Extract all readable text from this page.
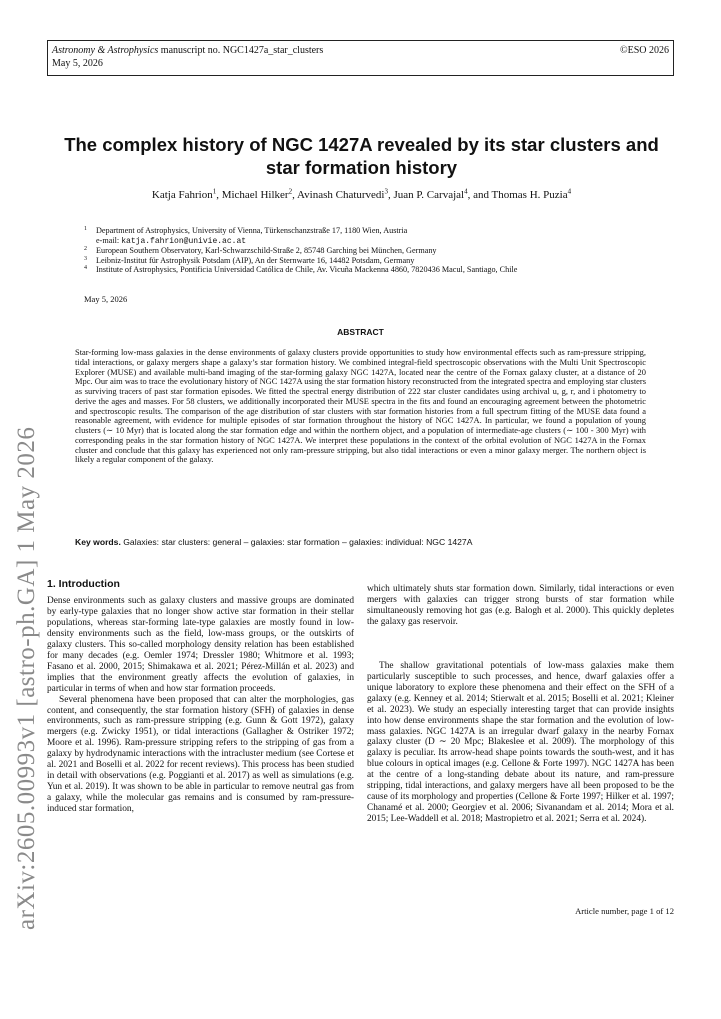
Astronomy & Astrophysics manuscript no. NGC1427a_star_clusters
May 5, 2026
©ESO 2026
arXiv:2605.00993v1 [astro-ph.GA] 1 May 2026
The complex history of NGC 1427A revealed by its star clusters and star formation history
Katja Fahrion$^1$, Michael Hilker$^2$, Avinash Chaturvedi$^3$, Juan P. Carvajal$^4$, and Thomas H. Puzia$^4$
1 Department of Astrophysics, University of Vienna, Türkenschanzstraße 17, 1180 Wien, Austria
e-mail: katja.fahrion@univie.ac.at
2 European Southern Observatory, Karl-Schwarzschild-Straße 2, 85748 Garching bei München, Germany
3 Leibniz-Institut für Astrophysik Potsdam (AIP), An der Sternwarte 16, 14482 Potsdam, Germany
4 Institute of Astrophysics, Pontificia Universidad Católica de Chile, Av. Vicuña Mackenna 4860, 7820436 Macul, Santiago, Chile
May 5, 2026
ABSTRACT
Star-forming low-mass galaxies in the dense environments of galaxy clusters provide opportunities to study how environmental effects such as ram-pressure stripping, tidal interactions, or galaxy mergers shape a galaxy’s star formation history. We combined integral-field spectroscopic observations with the Multi Unit Spectroscopic Explorer (MUSE) and available multi-band imaging of the star-forming galaxy NGC 1427A, located near the centre of the Fornax galaxy cluster, at a distance of 20 Mpc. Our aim was to trace the evolutionary history of NGC 1427A using the star formation history reconstructed from the integrated spectra and employing star clusters as surviving tracers of past star formation episodes. We fitted the spectral energy distribution of 222 star cluster candidates using archival u, g, r, and i photometry to derive the ages and masses. For 58 clusters, we additionally incorporated their MUSE spectra in the fits and found an encouraging agreement between the photometric and spectroscopic results. The comparison of the age distribution of star clusters with star formation histories from a full spectrum fitting of the MUSE data found a reasonable agreement, with evidence for multiple episodes of star formation throughout the history of NGC 1427A. In particular, we found a population of young clusters (∼ 10 Myr) that is located along the star formation edge and within the northern object, and a population of intermediate-age clusters (∼ 100 - 300 Myr) with corresponding peaks in the star formation history of NGC 1427A. We interpret these populations in the context of the orbital evolution of NGC 1427A in the Fornax cluster and conclude that this galaxy has experienced not only ram-pressure stripping, but also tidal interactions or even a minor galaxy merger. The northern object is likely a regular component of the galaxy.
Key words. Galaxies: star clusters: general – galaxies: star formation – galaxies: individual: NGC 1427A
1. Introduction

Dense environments such as galaxy clusters and massive groups are dominated by early-type galaxies that no longer show active star formation in their stellar populations, whereas star-forming late-type galaxies are mostly found in low-density environments such as the field, low-mass groups, or the outskirts of galaxy clusters. This so-called morphology density relation has been established for many decades (e.g. Oemler 1974; Dressler 1980; Whitmore et al. 1993; Fasano et al. 2000, 2015; Shimakawa et al. 2021; Pérez-Millán et al. 2023) and implies that the environment greatly affects the evolution of galaxies, in particular in terms of when and how star formation proceeds.

Several phenomena have been proposed that can alter the morphologies, gas content, and consequently, the star formation history (SFH) of galaxies in dense environments, such as ram-pressure stripping (e.g. Gunn & Gott 1972), galaxy mergers (e.g. Zwicky 1951), or tidal interactions (Gallagher & Ostriker 1972; Moore et al. 1996). Ram-pressure stripping refers to the stripping of gas from a galaxy by hydrodynamic interactions with the intracluster medium (see Cortese et al. 2021 and Boselli et al. 2022 for recent reviews). This process has been studied in detail with observations (e.g. Poggianti et al. 2017) as well as simulations (e.g. Yun et al. 2019). It was shown to be able in particular to remove neutral gas from a galaxy, while the molecular gas remains and is consumed by ram-pressure-induced star formation,

which ultimately shuts star formation down. Similarly, tidal interactions or even mergers with galaxies can trigger strong bursts of star formation while simultaneously removing hot gas (e.g. Balogh et al. 2000). This quickly depletes the galaxy gas reservoir.

The shallow gravitational potentials of low-mass galaxies make them particularly susceptible to such processes, and hence, dwarf galaxies offer a unique laboratory to explore these phenomena and their effect on the SFH of a galaxy (e.g. Kenney et al. 2014; Stierwalt et al. 2015; Boselli et al. 2021; Kleiner et al. 2023). We study an especially interesting target that can provide insights into how dense environments shape the star formation and the evolution of low-mass galaxies. NGC 1427A is an irregular dwarf galaxy in the nearby Fornax galaxy cluster (D ∼ 20 Mpc; Blakeslee et al. 2009). The morphology of this galaxy is peculiar. Its arrow-head shape points towards the south-west, and it has blue colours in optical images (e.g. Cellone & Forte 1997). NGC 1427A has been at the centre of a long-standing debate about its nature, and ram-pressure stripping, tidal interactions, and galaxy mergers have all been proposed to be the cause of its morphology and properties (Cellone & Forte 1997; Hilker et al. 1997; Chanamé et al. 2000; Georgiev et al. 2006; Sivanandam et al. 2014; Mora et al. 2015; Lee-Waddell et al. 2018; Mastropietro et al. 2021; Serra et al. 2024).

Article number, page 1 of 12
